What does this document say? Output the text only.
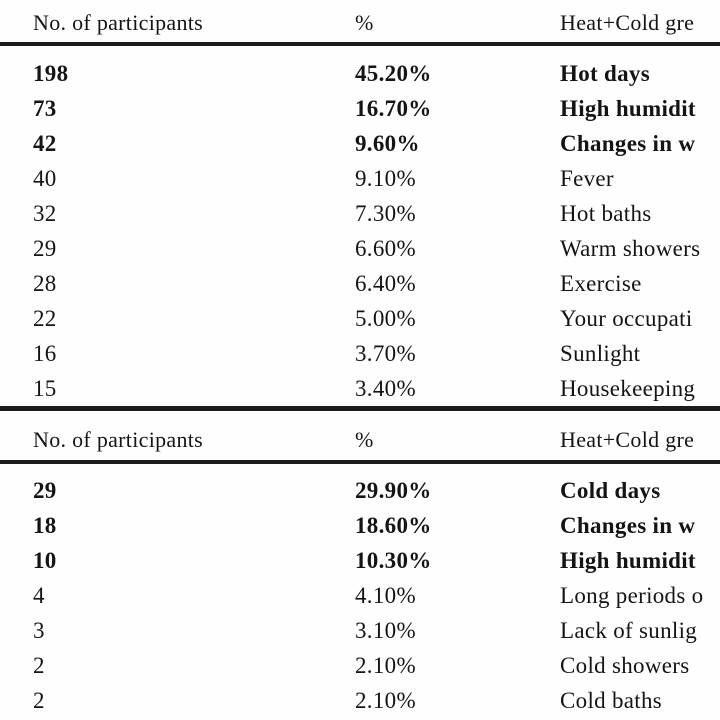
No. of participants	%	Heat+Cold gre
198	45.20%	Hot days
73	16.70%	High humidit
42	9.60%	Changes in w
40	9.10%	Fever
32	7.30%	Hot baths
29	6.60%	Warm showers
28	6.40%	Exercise
22	5.00%	Your occupati
16	3.70%	Sunlight
15	3.40%	Housekeeping
No. of participants	%	Heat+Cold gre
29	29.90%	Cold days
18	18.60%	Changes in w
10	10.30%	High humidit
4	4.10%	Long periods o
3	3.10%	Lack of sunlig
2	2.10%	Cold showers
2	2.10%	Cold baths
